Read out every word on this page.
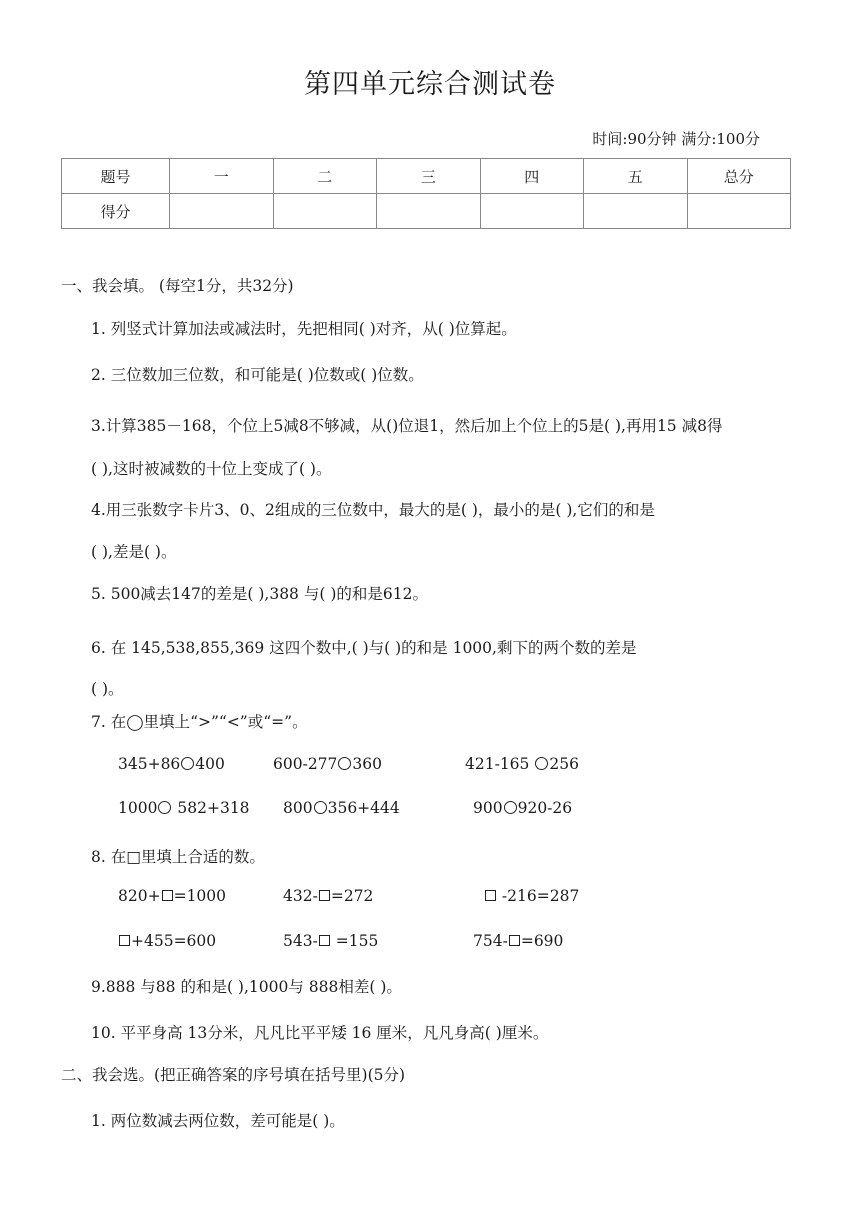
第四单元综合测试卷
时间:90分钟 满分:100分
题号	一	二	三	四	五	总分
得分						
一、我会填。 (每空1分，共32分)
1. 列竖式计算加法或减法时，先把相同( )对齐，从( )位算起。
2. 三位数加三位数，和可能是( )位数或( )位数。
3.计算385－168，个位上5减8不够减，从()位退1，然后加上个位上的5是( ),再用15 减8得
( ),这时被减数的十位上变成了( )。
4.用三张数字卡片3、0、2组成的三位数中，最大的是( )，最小的是( ),它们的和是
( ),差是( )。
5. 500减去147的差是( ),388 与( )的和是612。
6. 在 145,538,855,369 这四个数中,( )与( )的和是 1000,剩下的两个数的差是
( )。
7. 在◯里填上“>”“<”或“=”。
345+86 400	600-277 360	421-165 256
1000 582+318 800 356+444	900 920-26
8. 在□里填上合适的数。
820+ =1000	432- =272	-216=287
+455=600	543- =155	754- =690
9.888 与88 的和是( ),1000与 888相差( )。
10. 平平身高 13分米，凡凡比平平矮 16 厘米，凡凡身高( )厘米。
二、我会选。(把正确答案的序号填在括号里)(5分)
1. 两位数减去两位数，差可能是( )。
